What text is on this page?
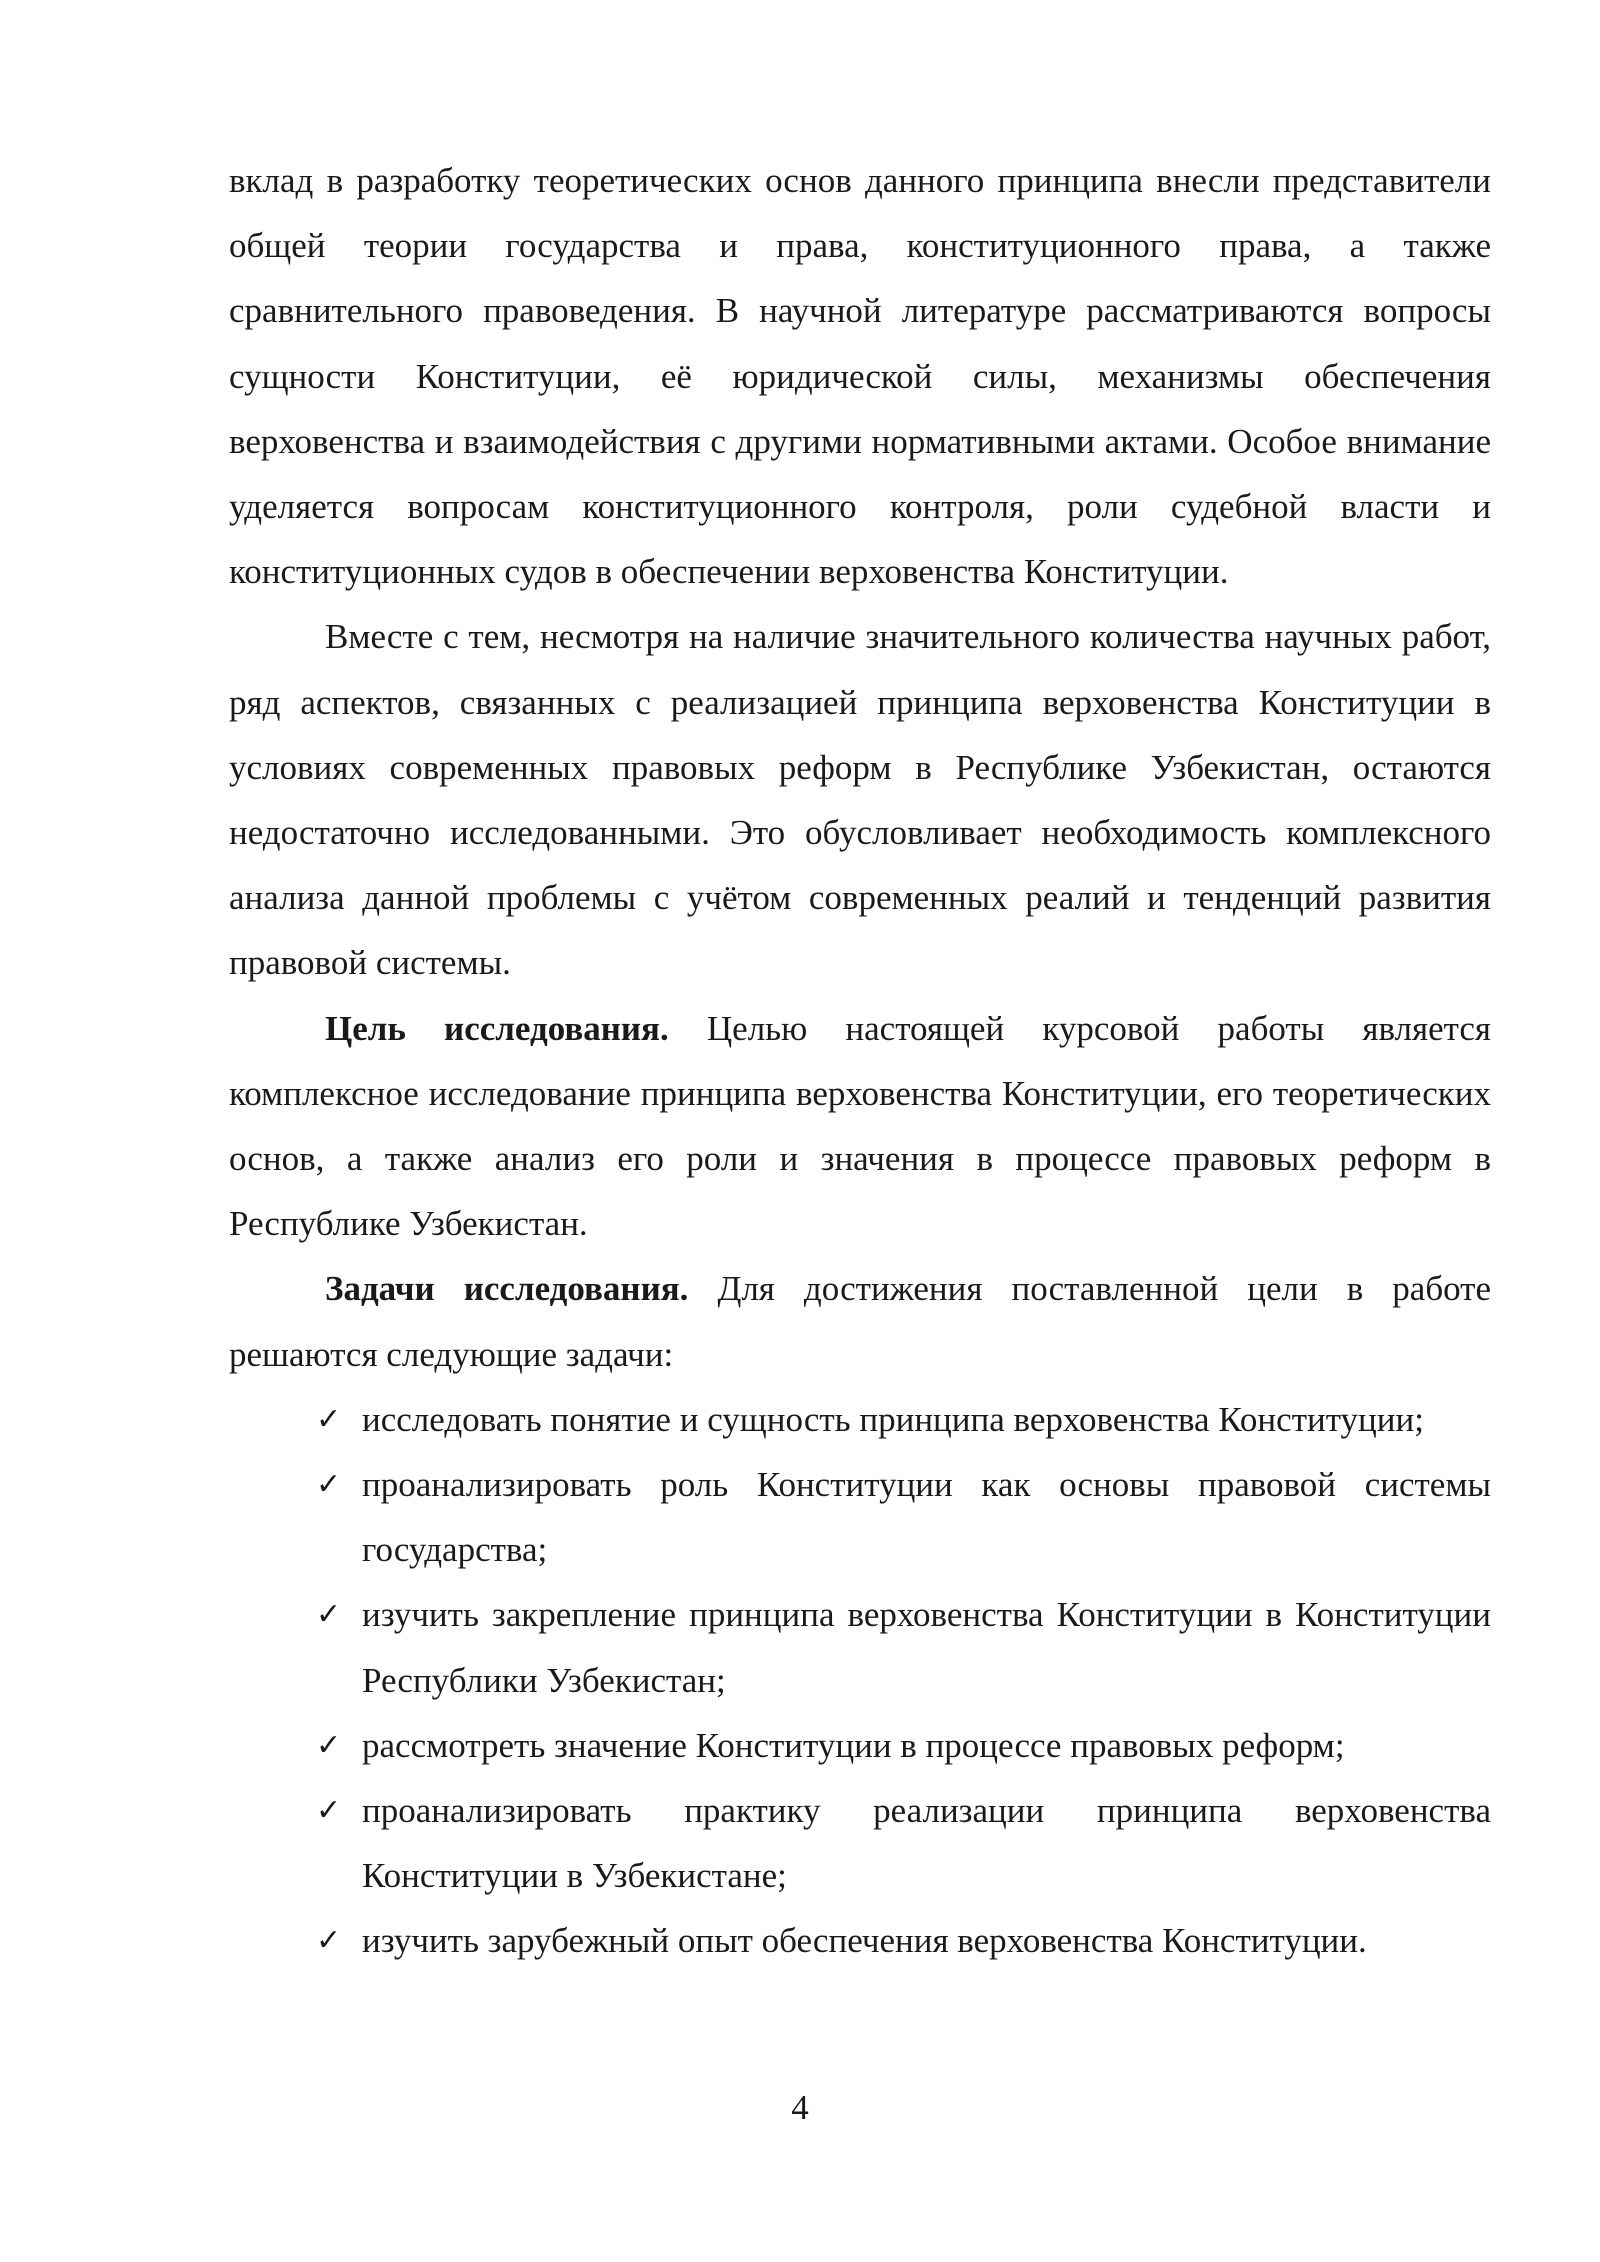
вклад в разработку теоретических основ данного принципа внесли представители общей теории государства и права, конституционного права, а также сравнительного правоведения. В научной литературе рассматриваются вопросы сущности Конституции, её юридической силы, механизмы обеспечения верховенства и взаимодействия с другими нормативными актами. Особое внимание уделяется вопросам конституционного контроля, роли судебной власти и конституционных судов в обеспечении верховенства Конституции.

Вместе с тем, несмотря на наличие значительного количества научных работ, ряд аспектов, связанных с реализацией принципа верховенства Конституции в условиях современных правовых реформ в Республике Узбекистан, остаются недостаточно исследованными. Это обусловливает необходимость комплексного анализа данной проблемы с учётом современных реалий и тенденций развития правовой системы.

Цель исследования. Целью настоящей курсовой работы является комплексное исследование принципа верховенства Конституции, его теоретических основ, а также анализ его роли и значения в процессе правовых реформ в Республике Узбекистан.

Задачи исследования. Для достижения поставленной цели в работе решаются следующие задачи:

✓ исследовать понятие и сущность принципа верховенства Конституции;
✓ проанализировать роль Конституции как основы правовой системы государства;
✓ изучить закрепление принципа верховенства Конституции в Конституции Республики Узбекистан;
✓ рассмотреть значение Конституции в процессе правовых реформ;
✓ проанализировать практику реализации принципа верховенства Конституции в Узбекистане;
✓ изучить зарубежный опыт обеспечения верховенства Конституции.
4
